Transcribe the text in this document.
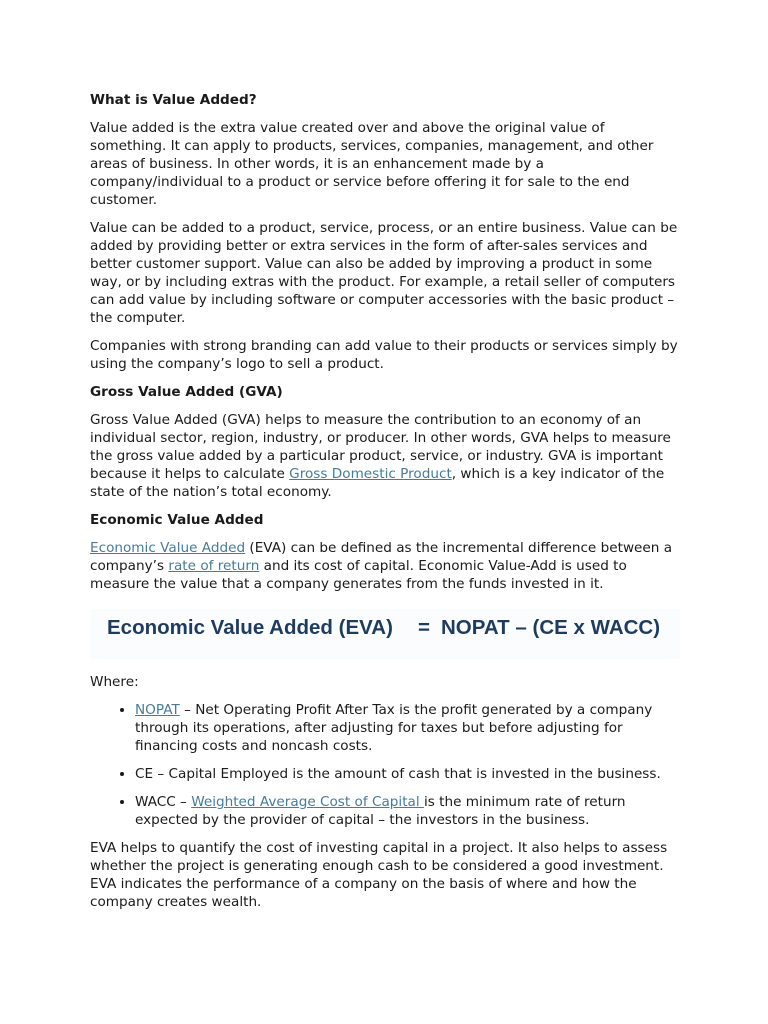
What is Value Added?

Value added is the extra value created over and above the original value of something. It can apply to products, services, companies, management, and other areas of business. In other words, it is an enhancement made by a company/individual to a product or service before offering it for sale to the end customer.

Value can be added to a product, service, process, or an entire business. Value can be added by providing better or extra services in the form of after-sales services and better customer support. Value can also be added by improving a product in some way, or by including extras with the product. For example, a retail seller of computers can add value by including software or computer accessories with the basic product – the computer.

Companies with strong branding can add value to their products or services simply by using the company’s logo to sell a product.

Gross Value Added (GVA)

Gross Value Added (GVA) helps to measure the contribution to an economy of an individual sector, region, industry, or producer. In other words, GVA helps to measure the gross value added by a particular product, service, or industry. GVA is important because it helps to calculate Gross Domestic Product, which is a key indicator of the state of the nation’s total economy.

Economic Value Added

Economic Value Added (EVA) can be defined as the incremental difference between a company’s rate of return and its cost of capital. Economic Value-Add is used to measure the value that a company generates from the funds invested in it.

Economic Value Added (EVA) = NOPAT – (CE x WACC)

Where:

• NOPAT – Net Operating Profit After Tax is the profit generated by a company through its operations, after adjusting for taxes but before adjusting for financing costs and noncash costs.
• CE – Capital Employed is the amount of cash that is invested in the business.
• WACC – Weighted Average Cost of Capital is the minimum rate of return expected by the provider of capital – the investors in the business.

EVA helps to quantify the cost of investing capital in a project. It also helps to assess whether the project is generating enough cash to be considered a good investment. EVA indicates the performance of a company on the basis of where and how the company creates wealth.
